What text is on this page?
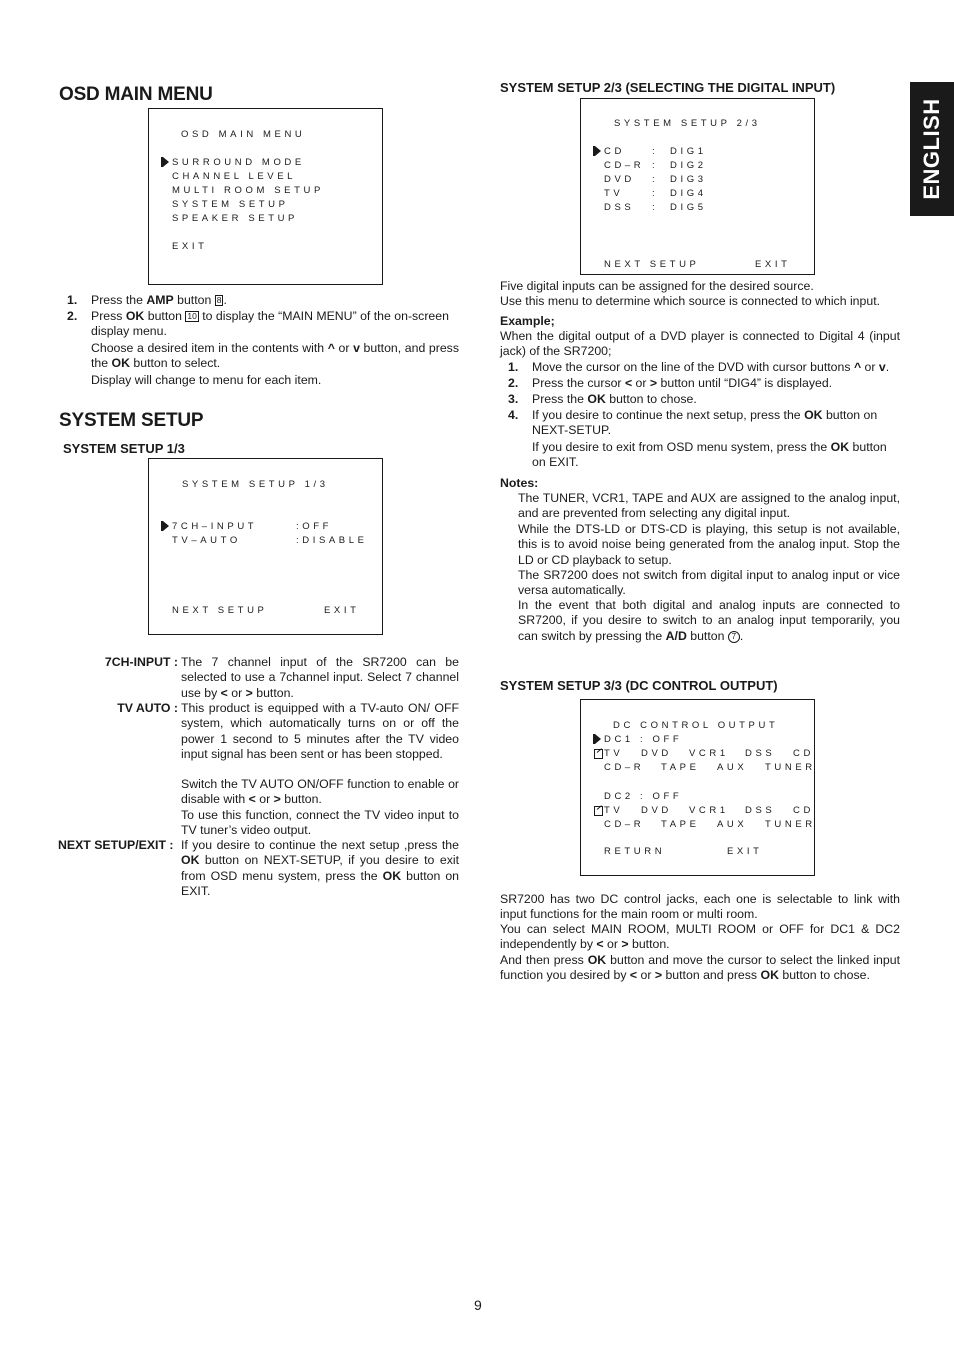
ENGLISH
OSD MAIN MENU
OSD MAIN MENU
SURROUND MODE
CHANNEL LEVEL
MULTI ROOM SETUP
SYSTEM SETUP
SPEAKER SETUP
EXIT
1. Press the AMP button 8 .
2. Press OK button 10 to display the “MAIN MENU” of the on-screen display menu.
Choose a desired item in the contents with ^ or v button, and press the OK button to select.
Display will change to menu for each item.
SYSTEM SETUP
SYSTEM SETUP 1/3
SYSTEM SETUP 1/3
7CH–INPUT	:OFF
TV–AUTO	:DISABLE
NEXT SETUP	EXIT
7CH-INPUT : The 7 channel input of the SR7200 can be selected to use a 7channel input. Select 7 channel use by < or > button.
TV AUTO : This product is equipped with a TV-auto ON/ OFF system, which automatically turns on or off the power 1 second to 5 minutes after the TV video input signal has been sent or has been stopped.
Switch the TV AUTO ON/OFF function to enable or disable with < or > button.
To use this function, connect the TV video input to TV tuner’s video output.
NEXT SETUP/EXIT : If you desire to continue the next setup ,press the OK button on NEXT-SETUP, if you desire to exit from OSD menu system, press the OK button on EXIT.
SYSTEM SETUP 2/3 (SELECTING THE DIGITAL INPUT)
SYSTEM SETUP 2/3
CD	: DIG1
CD–R : DIG2
DVD : DIG3
TV	: DIG4
DSS : DIG5
NEXT SETUP	EXIT
Five digital inputs can be assigned for the desired source.
Use this menu to determine which source is connected to which input.
Example;
When the digital output of a DVD player is connected to Digital 4 (input jack) of the SR7200;
1. Move the cursor on the line of the DVD with cursor buttons ^ or v.
2. Press the cursor < or > button until “DIG4” is displayed.
3. Press the OK button to chose.
4. If you desire to continue the next setup, press the OK button on NEXT-SETUP.
If you desire to exit from OSD menu system, press the OK button on EXIT.
Notes:
The TUNER, VCR1, TAPE and AUX are assigned to the analog input, and are prevented from selecting any digital input.
While the DTS-LD or DTS-CD is playing, this setup is not available, this is to avoid noise being generated from the analog input. Stop the LD or CD playback to setup.
The SR7200 does not switch from digital input to analog input or vice versa automatically.
In the event that both digital and analog inputs are connected to SR7200, if you desire to switch to an analog input temporarily, you can switch by pressing the A/D button 7 .
SYSTEM SETUP 3/3 (DC CONTROL OUTPUT)
DC CONTROL OUTPUT
DC1 : OFF
TV DVD VCR1 DSS CD
CD–R TAPE AUX TUNER
DC2 : OFF
TV DVD VCR1 DSS CD
CD–R TAPE AUX TUNER
RETURN	EXIT
SR7200 has two DC control jacks, each one is selectable to link with input functions for the main room or multi room.
You can select MAIN ROOM, MULTI ROOM or OFF for DC1 & DC2 independently by < or > button.
And then press OK button and move the cursor to select the linked input function you desired by < or > button and press OK button to chose.
9
